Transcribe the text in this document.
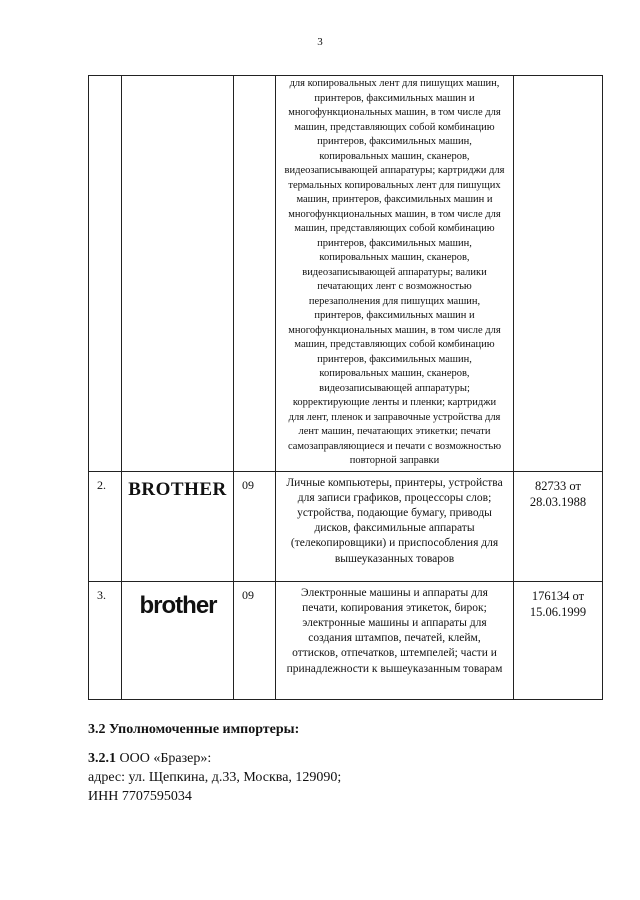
3

			для копировальных лент для пишущих машин, принтеров, факсимильных машин и многофункциональных машин, в том числе для машин, представляющих собой комбинацию принтеров, факсимильных машин, копировальных машин, сканеров, видеозаписывающей аппаратуры; картриджи для термальных копировальных лент для пишущих машин, принтеров, факсимильных машин и многофункциональных машин, в том числе для машин, представляющих собой комбинацию принтеров, факсимильных машин, копировальных машин, сканеров, видеозаписывающей аппаратуры; валики печатающих лент с возможностью перезаполнения для пишущих машин, принтеров, факсимильных машин и многофункциональных машин, в том числе для машин, представляющих собой комбинацию принтеров, факсимильных машин, копировальных машин, сканеров, видеозаписывающей аппаратуры; корректирующие ленты и пленки; картриджи для лент, пленок и заправочные устройства для лент машин, печатающих этикетки; печати самозаправляющиеся и печати с возможностью повторной заправки	

2.	BROTHER	09	Личные компьютеры, принтеры, устройства для записи графиков, процессоры слов; устройства, подающие бумагу, приводы дисков, факсимильные аппараты (телекопировщики) и приспособления для вышеуказанных товаров	82733 от 28.03.1988

3.	brother	09	Электронные машины и аппараты для печати, копирования этикеток, бирок; электронные машины и аппараты для создания штампов, печатей, клейм, оттисков, отпечатков, штемпелей; части и принадлежности к вышеуказанным товарам	176134 от 15.06.1999
3.2 Уполномоченные импортеры:
3.2.1 ООО «Бразер»:
адрес: ул. Щепкина, д.33, Москва, 129090;
ИНН 7707595034
